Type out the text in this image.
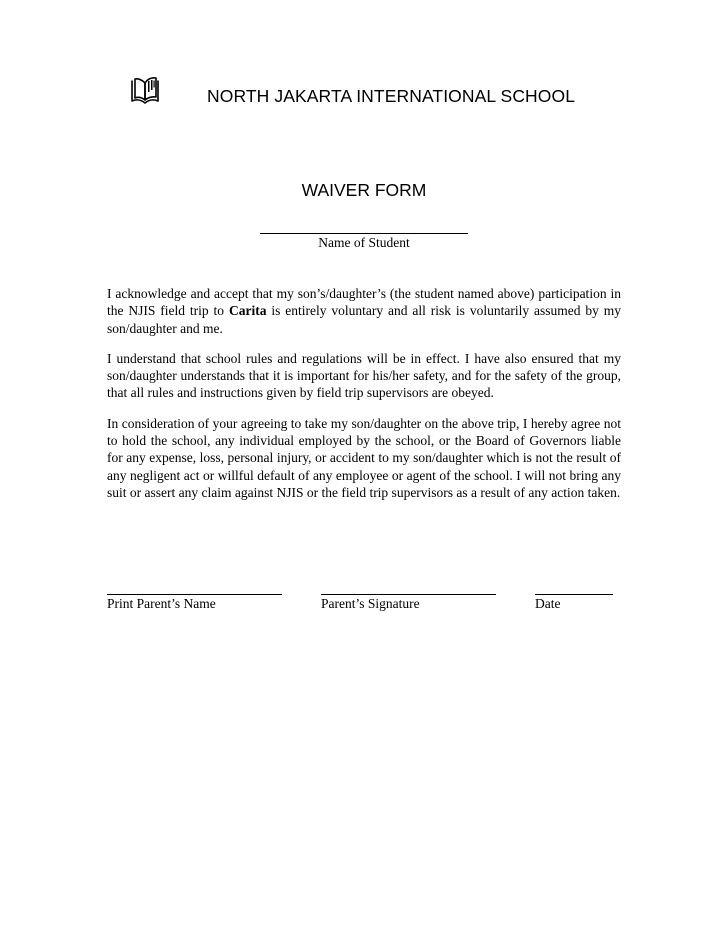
NORTH JAKARTA INTERNATIONAL SCHOOL
WAIVER FORM
Name of Student

I acknowledge and accept that my son’s/daughter’s (the student named above) participation in the NJIS field trip to Carita is entirely voluntary and all risk is voluntarily assumed by my son/daughter and me.

I understand that school rules and regulations will be in effect. I have also ensured that my son/daughter understands that it is important for his/her safety, and for the safety of the group, that all rules and instructions given by field trip supervisors are obeyed.

In consideration of your agreeing to take my son/daughter on the above trip, I hereby agree not to hold the school, any individual employed by the school, or the Board of Governors liable for any expense, loss, personal injury, or accident to my son/daughter which is not the result of any negligent act or willful default of any employee or agent of the school. I will not bring any suit or assert any claim against NJIS or the field trip supervisors as a result of any action taken.

Print Parent’s Name	Parent’s Signature	Date
